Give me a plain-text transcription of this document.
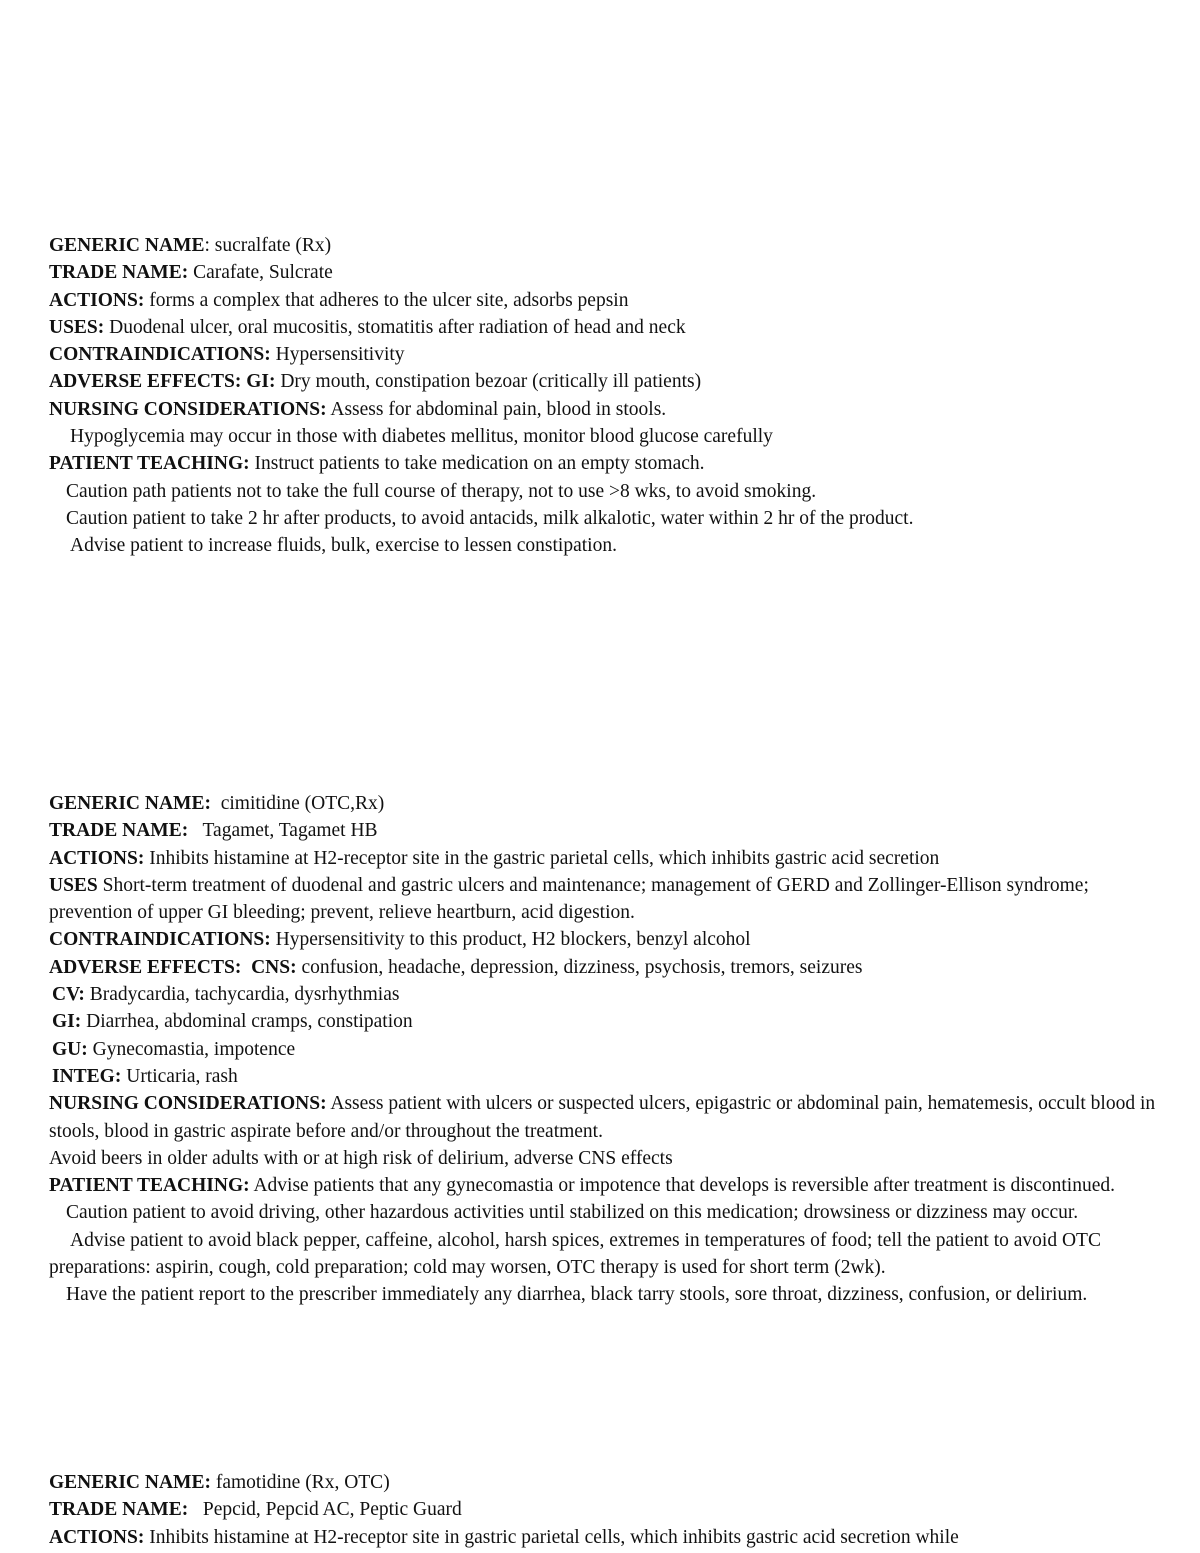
GENERIC NAME: sucralfate (Rx)
TRADE NAME: Carafate, Sulcrate
ACTIONS: forms a complex that adheres to the ulcer site, adsorbs pepsin
USES: Duodenal ulcer, oral mucositis, stomatitis after radiation of head and neck
CONTRAINDICATIONS: Hypersensitivity
ADVERSE EFFECTS: GI: Dry mouth, constipation bezoar (critically ill patients)
NURSING CONSIDERATIONS: Assess for abdominal pain, blood in stools.
Hypoglycemia may occur in those with diabetes mellitus, monitor blood glucose carefully
PATIENT TEACHING: Instruct patients to take medication on an empty stomach.
Caution path patients not to take the full course of therapy, not to use >8 wks, to avoid smoking.
Caution patient to take 2 hr after products, to avoid antacids, milk alkalotic, water within 2 hr of the product.
Advise patient to increase fluids, bulk, exercise to lessen constipation.
GENERIC NAME:  cimitidine (OTC,Rx)
TRADE NAME:   Tagamet, Tagamet HB
ACTIONS: Inhibits histamine at H2-receptor site in the gastric parietal cells, which inhibits gastric acid secretion
USES Short-term treatment of duodenal and gastric ulcers and maintenance; management of GERD and Zollinger-Ellison syndrome; prevention of upper GI bleeding; prevent, relieve heartburn, acid digestion.
CONTRAINDICATIONS: Hypersensitivity to this product, H2 blockers, benzyl alcohol
ADVERSE EFFECTS:  CNS: confusion, headache, depression, dizziness, psychosis, tremors, seizures
CV: Bradycardia, tachycardia, dysrhythmias
GI: Diarrhea, abdominal cramps, constipation
GU: Gynecomastia, impotence
INTEG: Urticaria, rash
NURSING CONSIDERATIONS: Assess patient with ulcers or suspected ulcers, epigastric or abdominal pain, hematemesis, occult blood in stools, blood in gastric aspirate before and/or throughout the treatment.
Avoid beers in older adults with or at high risk of delirium, adverse CNS effects
PATIENT TEACHING: Advise patients that any gynecomastia or impotence that develops is reversible after treatment is discontinued.
Caution patient to avoid driving, other hazardous activities until stabilized on this medication; drowsiness or dizziness may occur.
Advise patient to avoid black pepper, caffeine, alcohol, harsh spices, extremes in temperatures of food; tell the patient to avoid OTC preparations: aspirin, cough, cold preparation; cold may worsen, OTC therapy is used for short term (2wk).
Have the patient report to the prescriber immediately any diarrhea, black tarry stools, sore throat, dizziness, confusion, or delirium.
GENERIC NAME: famotidine (Rx, OTC)
TRADE NAME:   Pepcid, Pepcid AC, Peptic Guard
ACTIONS: Inhibits histamine at H2-receptor site in gastric parietal cells, which inhibits gastric acid secretion while
